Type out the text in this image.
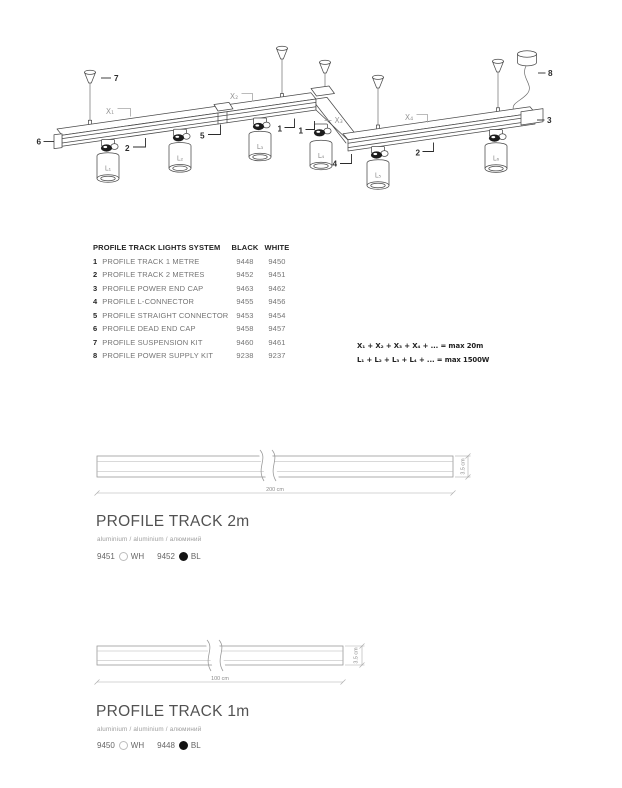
L₁
L₂
L₃
L₄
L₅
L₆
6
7
2
5
1 1
4
2
3
8
X₁
X₂
X₃	X₄
PROFILE TRACK LIGHTS SYSTEM	BLACK WHITE
1 PROFILE TRACK 1 METRE	9448	9450
2 PROFILE TRACK 2 METRES	9452	9451
3 PROFILE POWER END CAP	9463	9462
4 PROFILE L-CONNECTOR	9455	9456
5 PROFILE STRAIGHT CONNECTOR	9453	9454
6 PROFILE DEAD END CAP	9458	9457
7 PROFILE SUSPENSION KIT	9460	9461
8 PROFILE POWER SUPPLY KIT	9238	9237
X₁ + X₂ + X₃ + X₄ + ... = max 20m
L₁ + L₂ + L₃ + L₄ + ... = max 1500W
200 cm
3.5 cm
PROFILE TRACK 2m
aluminium / aluminium / алюминий
9451 WH 9452 BL
100 cm
3.5 cm
PROFILE TRACK 1m
aluminium / aluminium / алюминий
9450 WH 9448 BL
